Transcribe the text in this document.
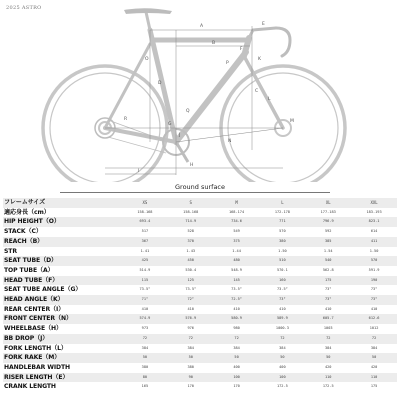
2025 ASTRO
A
B
C
D
E
F
G
H
I
J
K
L
M
N
O
P
Q
R
Ground surface
フレームサイズ	XS	S	M	L	XL	XXL
適応身長（cm）	158-168	158-168	168-174	172-178	177-183	183-193
HIP HEIGHT（O）	693.4	714.9	734.6	771	796.9	823.1
STACK（C）	517	528	549	570	592	614
REACH（B）	367	370	375	380	385	411
STR	1.41	1.43	1.44	1.50	1.54	1.50
SEAT TUBE（D）	425	450	480	510	540	570
TOP TUBE（A）	514.9	530.4	548.9	570.1	562.8	591.9
HEAD TUBE（F）	115	125	145	160	175	190
SEAT TUBE ANGLE（G）	73.5°	73.5°	73.5°	73.5°	73°	73°
HEAD ANGLE（K）	71°	72°	72.5°	73°	73°	73°
REAR CENTER（I）	410	410	410	410	410	410
FRONT CENTER（N）	574.9	576.9	580.9	589.9	605.7	612.6
WHEELBASE（H）	973	976	980	1000.3	1003	1012
BB DROP（J）	72	72	72	72	72	72
FORK LENGTH（L）	384	384	384	384	384	384
FORK RAKE（M）	50	50	50	50	50	50
HANDLEBAR WIDTH	380	380	400	400	420	420
RISER LENGTH（E）	80	90	100	100	110	110
CRANK LENGTH	165	170	170	172.5	172.5	175
